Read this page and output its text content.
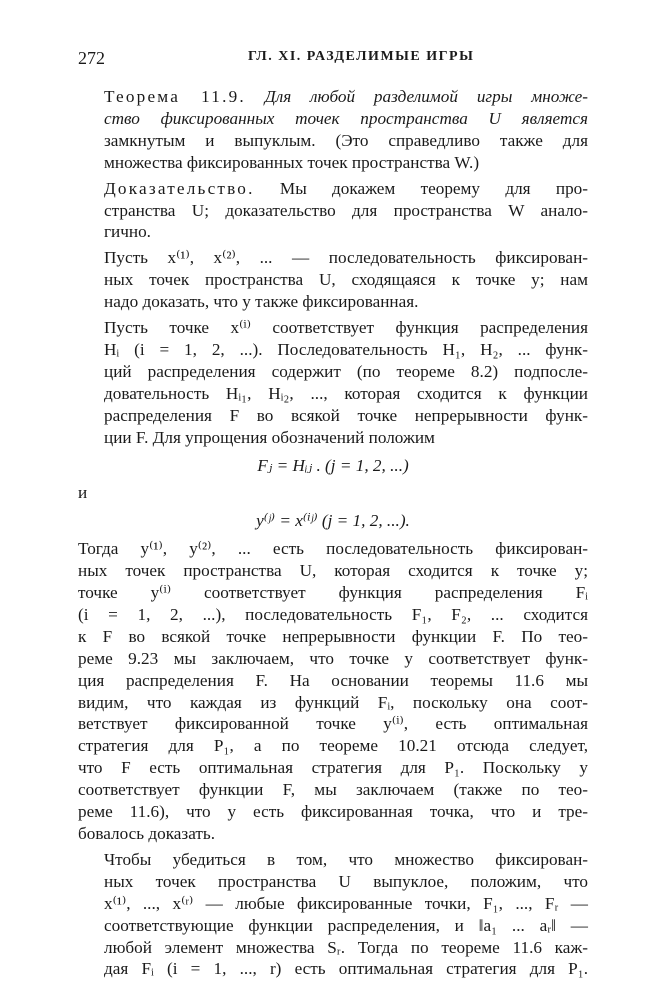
272	ГЛ. XI. РАЗДЕЛИМЫЕ ИГРЫ

Теорема 11.9. Для любой разделимой игры множе-
ство фиксированных точек пространства U является
замкнутым и выпуклым. (Это справедливо также для
множества фиксированных точек пространства W.)

Доказательство. Мы докажем теорему для про-
странства U; доказательство для пространства W анало-
гично.

Пусть x⁽¹⁾, x⁽²⁾, ... — последовательность фиксирован-
ных точек пространства U, сходящаяся к точке y; нам
надо доказать, что y также фиксированная.

Пусть точке x⁽ⁱ⁾ соответствует функция распределения
Hᵢ (i = 1, 2, ...). Последовательность H₁, H₂, ... функ-
ций распределения содержит (по теореме 8.2) подпосле-
довательность Hᵢ₁, Hᵢ₂, ..., которая сходится к функции
распределения F во всякой точке непрерывности функ-
ции F. Для упрощения обозначений положим

Fⱼ = Hᵢⱼ . (j = 1, 2, ...)
и
y⁽ʲ⁾ = x⁽ⁱʲ⁾ (j = 1, 2, ...).

Тогда y⁽¹⁾, y⁽²⁾, ... есть последовательность фиксирован-
ных точек пространства U, которая сходится к точке y;
точке y⁽ⁱ⁾ соответствует функция распределения Fᵢ
(i = 1, 2, ...), последовательность F₁, F₂, ... сходится
к F во всякой точке непрерывности функции F. По тео-
реме 9.23 мы заключаем, что точке y соответствует функ-
ция распределения F. На основании теоремы 11.6 мы
видим, что каждая из функций Fᵢ, поскольку она соот-
ветствует фиксированной точке y⁽ⁱ⁾, есть оптимальная
стратегия для P₁, а по теореме 10.21 отсюда следует,
что F есть оптимальная стратегия для P₁. Поскольку y
соответствует функции F, мы заключаем (также по тео-
реме 11.6), что y есть фиксированная точка, что и тре-
бовалось доказать.

Чтобы убедиться в том, что множество фиксирован-
ных точек пространства U выпуклое, положим, что
x⁽¹⁾, ..., x⁽ʳ⁾ — любые фиксированные точки, F₁, ..., Fᵣ —
соответствующие функции распределения, и ‖a₁ ... aᵣ‖ —
любой элемент множества Sᵣ. Тогда по теореме 11.6 каж-
дая Fᵢ (i = 1, ..., r) есть оптимальная стратегия для P₁.
